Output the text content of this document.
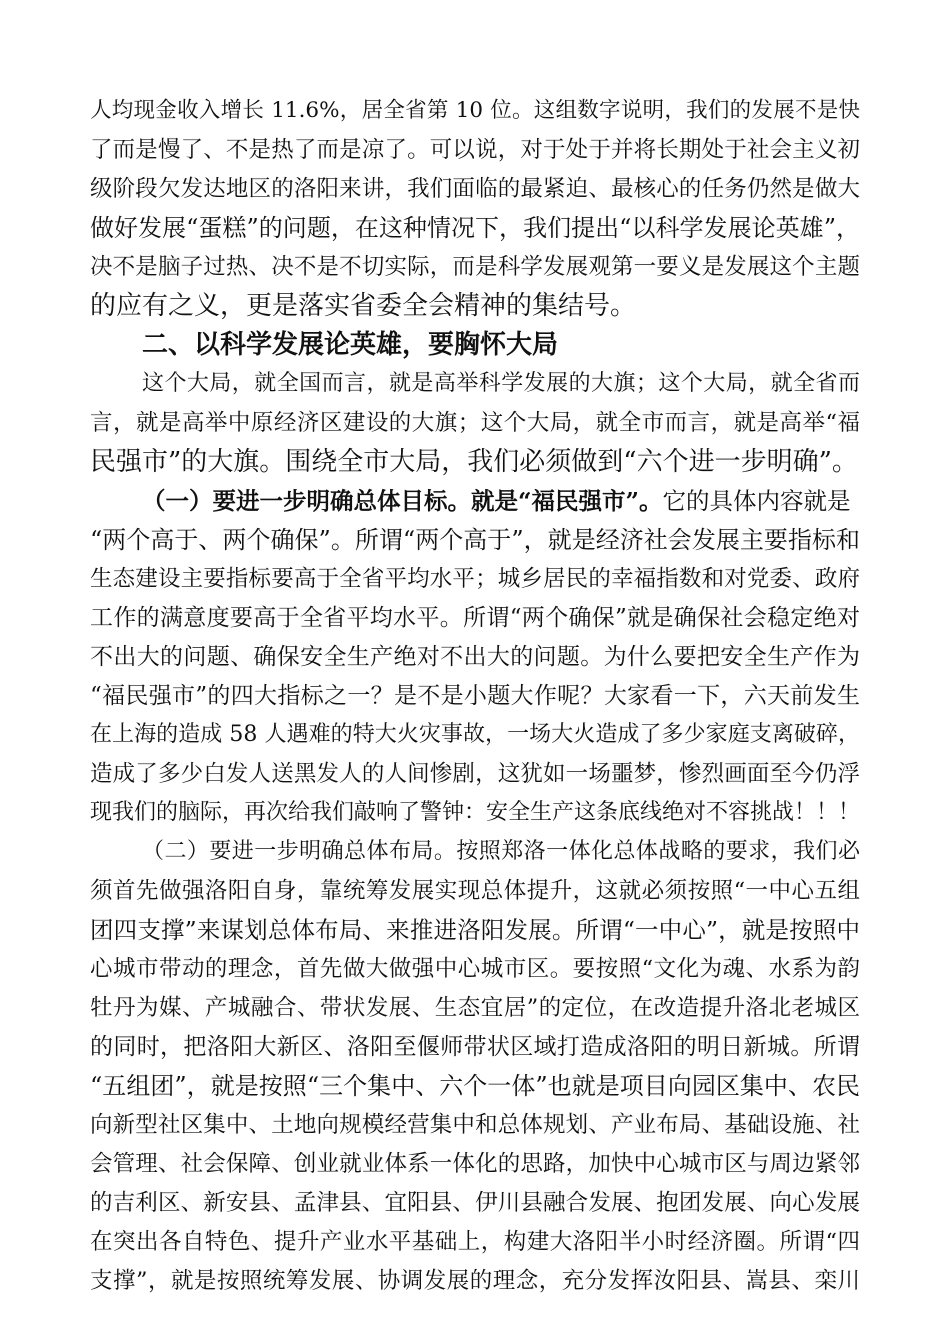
人均现金收入增长 11.6%，居全省第 10 位。这组数字说明，我们的发展不是快
了而是慢了、不是热了而是凉了。可以说，对于处于并将长期处于社会主义初
级阶段欠发达地区的洛阳来讲，我们面临的最紧迫、最核心的任务仍然是做大
做好发展“蛋糕”的问题，在这种情况下，我们提出“以科学发展论英雄”，
决不是脑子过热、决不是不切实际，而是科学发展观第一要义是发展这个主题
的应有之义，更是落实省委全会精神的集结号。
二、以科学发展论英雄，要胸怀大局
这个大局，就全国而言，就是高举科学发展的大旗；这个大局，就全省而
言，就是高举中原经济区建设的大旗；这个大局，就全市而言，就是高举“福
民强市”的大旗。围绕全市大局，我们必须做到“六个进一步明确”。
（一）要进一步明确总体目标。就是“福民强市”。它的具体内容就是
“两个高于、两个确保”。所谓“两个高于”，就是经济社会发展主要指标和
生态建设主要指标要高于全省平均水平；城乡居民的幸福指数和对党委、政府
工作的满意度要高于全省平均水平。所谓“两个确保”就是确保社会稳定绝对
不出大的问题、确保安全生产绝对不出大的问题。为什么要把安全生产作为
“福民强市”的四大指标之一？是不是小题大作呢？大家看一下，六天前发生
在上海的造成 58 人遇难的特大火灾事故，一场大火造成了多少家庭支离破碎，
造成了多少白发人送黑发人的人间惨剧，这犹如一场噩梦，惨烈画面至今仍浮
现我们的脑际，再次给我们敲响了警钟：安全生产这条底线绝对不容挑战！！！
（二）要进一步明确总体布局。按照郑洛一体化总体战略的要求，我们必
须首先做强洛阳自身，靠统筹发展实现总体提升，这就必须按照“一中心五组
团四支撑”来谋划总体布局、来推进洛阳发展。所谓“一中心”，就是按照中
心城市带动的理念，首先做大做强中心城市区。要按照“文化为魂、水系为韵
牡丹为媒、产城融合、带状发展、生态宜居”的定位，在改造提升洛北老城区
的同时，把洛阳大新区、洛阳至偃师带状区域打造成洛阳的明日新城。所谓
“五组团”，就是按照“三个集中、六个一体”也就是项目向园区集中、农民
向新型社区集中、土地向规模经营集中和总体规划、产业布局、基础设施、社
会管理、社会保障、创业就业体系一体化的思路，加快中心城市区与周边紧邻
的吉利区、新安县、孟津县、宜阳县、伊川县融合发展、抱团发展、向心发展
在突出各自特色、提升产业水平基础上，构建大洛阳半小时经济圈。所谓“四
支撑”，就是按照统筹发展、协调发展的理念，充分发挥汝阳县、嵩县、栾川
